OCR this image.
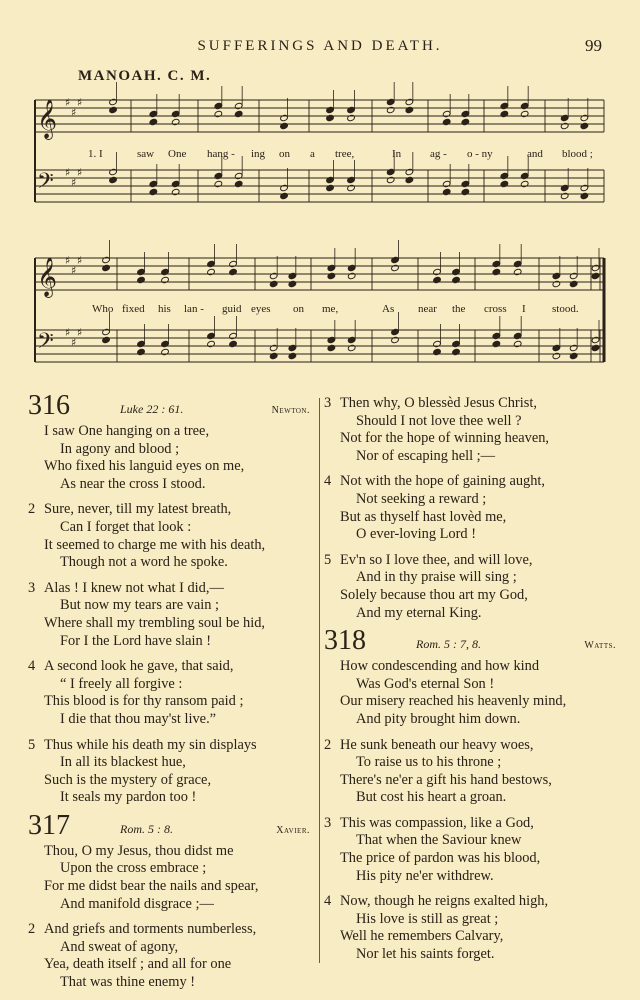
SUFFERINGS AND DEATH.	99
MANOAH. C. M.
𝄞 ♯
♯
♯
𝄢 ♯
♯
♯
𝄞 ♯
♯
♯
𝄢 ♯
♯
♯
1. I	saw One hang - ing on a tree,	In	ag - o - ny	and blood ;
Who fixed his lan - guid eyes on me,	As near the cross I stood.
316	Luke 22 : 61.	Newton.
I saw One hanging on a tree,
In agony and blood ;
Who fixed his languid eyes on me,
As near the cross I stood.
2 Sure, never, till my latest breath,
Can I forget that look :
It seemed to charge me with his death,
Though not a word he spoke.
3 Alas ! I knew not what I did,—
But now my tears are vain ;
Where shall my trembling soul be hid,
For I the Lord have slain !
4 A second look he gave, that said,
“ I freely all forgive :
This blood is for thy ransom paid ;
I die that thou may'st live.”
5 Thus while his death my sin displays
In all its blackest hue,
Such is the mystery of grace,
It seals my pardon too !
317	Rom. 5 : 8.	Xavier.
Thou, O my Jesus, thou didst me
Upon the cross embrace ;
For me didst bear the nails and spear,
And manifold disgrace ;—
2 And griefs and torments numberless,
And sweat of agony,
Yea, death itself ; and all for one
That was thine enemy !
3 Then why, O blessèd Jesus Christ,
Should I not love thee well ?
Not for the hope of winning heaven,
Nor of escaping hell ;—
4 Not with the hope of gaining aught,
Not seeking a reward ;
But as thyself hast lovèd me,
O ever-loving Lord !
5 Ev'n so I love thee, and will love,
And in thy praise will sing ;
Solely because thou art my God,
And my eternal King.
318	Rom. 5 : 7, 8.	Watts.
How condescending and how kind
Was God's eternal Son !
Our misery reached his heavenly mind,
And pity brought him down.
2 He sunk beneath our heavy woes,
To raise us to his throne ;
There's ne'er a gift his hand bestows,
But cost his heart a groan.
3 This was compassion, like a God,
That when the Saviour knew
The price of pardon was his blood,
His pity ne'er withdrew.
4 Now, though he reigns exalted high,
His love is still as great ;
Well he remembers Calvary,
Nor let his saints forget.
